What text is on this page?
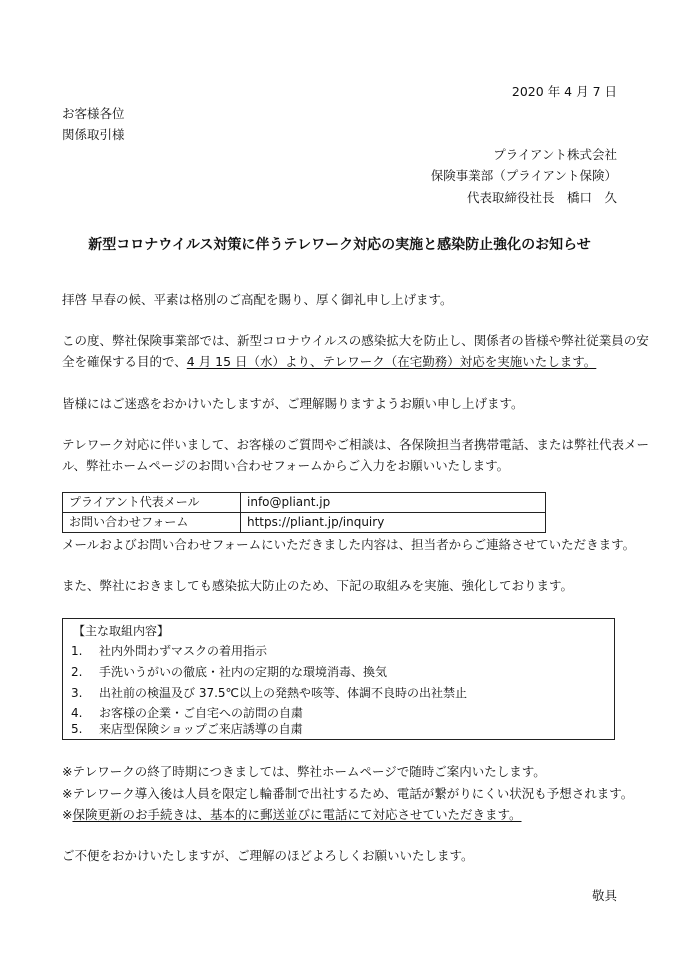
2020 年 4 月 7 日
お客様各位
関係取引様
プライアント株式会社
保険事業部（プライアント保険）
代表取締役社長　橋口　久
新型コロナウイルス対策に伴うテレワーク対応の実施と感染防止強化のお知らせ
拝啓 早春の候、平素は格別のご高配を賜り、厚く御礼申し上げます。
この度、弊社保険事業部では、新型コロナウイルスの感染拡大を防止し、関係者の皆様や弊社従業員の安
全を確保する目的で、4 月 15 日（水）より、テレワーク（在宅勤務）対応を実施いたします。
皆様にはご迷惑をおかけいたしますが、ご理解賜りますようお願い申し上げます。
テレワーク対応に伴いまして、お客様のご質問やご相談は、各保険担当者携帯電話、または弊社代表メー
ル、弊社ホームページのお問い合わせフォームからご入力をお願いいたします。
プライアント代表メール	info@pliant.jp
お問い合わせフォーム	https://pliant.jp/inquiry
メールおよびお問い合わせフォームにいただきました内容は、担当者からご連絡させていただきます。
また、弊社におきましても感染拡大防止のため、下記の取組みを実施、強化しております。
【主な取組内容】
1. 社内外問わずマスクの着用指示
2. 手洗いうがいの徹底・社内の定期的な環境消毒、換気
3. 出社前の検温及び 37.5℃以上の発熱や咳等、体調不良時の出社禁止
4. お客様の企業・ご自宅への訪問の自粛
5. 来店型保険ショップご来店誘導の自粛
※テレワークの終了時期につきましては、弊社ホームページで随時ご案内いたします。
※テレワーク導入後は人員を限定し輪番制で出社するため、電話が繋がりにくい状況も予想されます。
※保険更新のお手続きは、基本的に郵送並びに電話にて対応させていただきます。
ご不便をおかけいたしますが、ご理解のほどよろしくお願いいたします。
敬具
